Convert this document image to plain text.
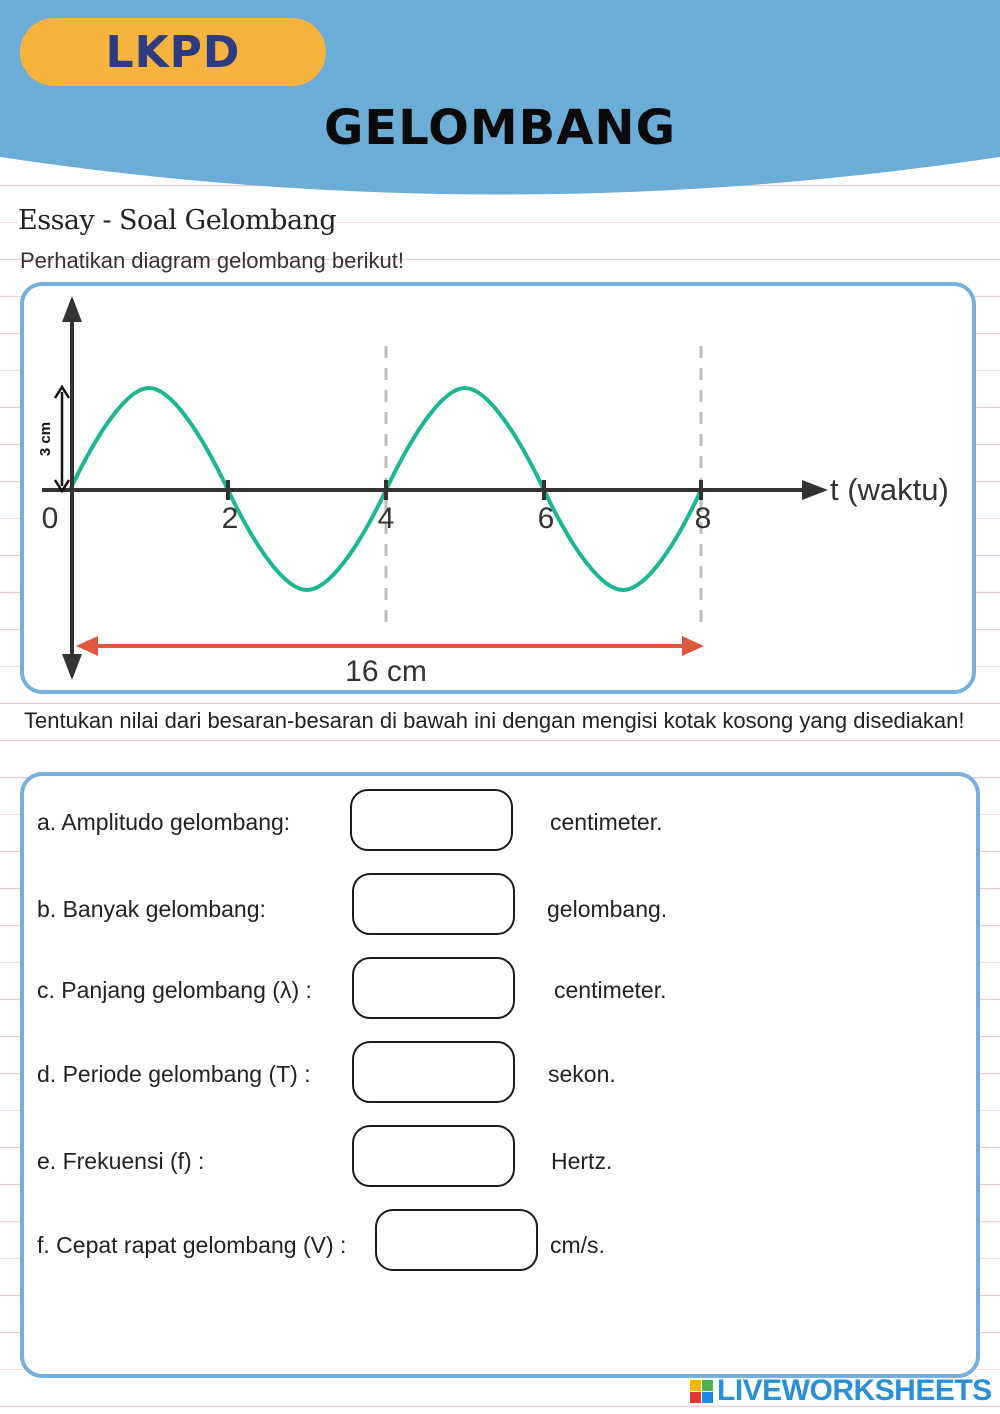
LKPD
GELOMBANG
Essay - Soal Gelombang
Perhatikan diagram gelombang berikut!
3 cm
0	2	4	6	8
t (waktu)
16 cm
Tentukan nilai dari besaran-besaran di bawah ini dengan mengisi kotak kosong yang disediakan!
a. Amplitudo gelombang:	centimeter.
b. Banyak gelombang:	gelombang.
c. Panjang gelombang (λ) :	centimeter.
d. Periode gelombang (T) :	sekon.
e. Frekuensi (f) :	Hertz.
f. Cepat rapat gelombang (V) :	cm/s.
LIVEWORKSHEETS
